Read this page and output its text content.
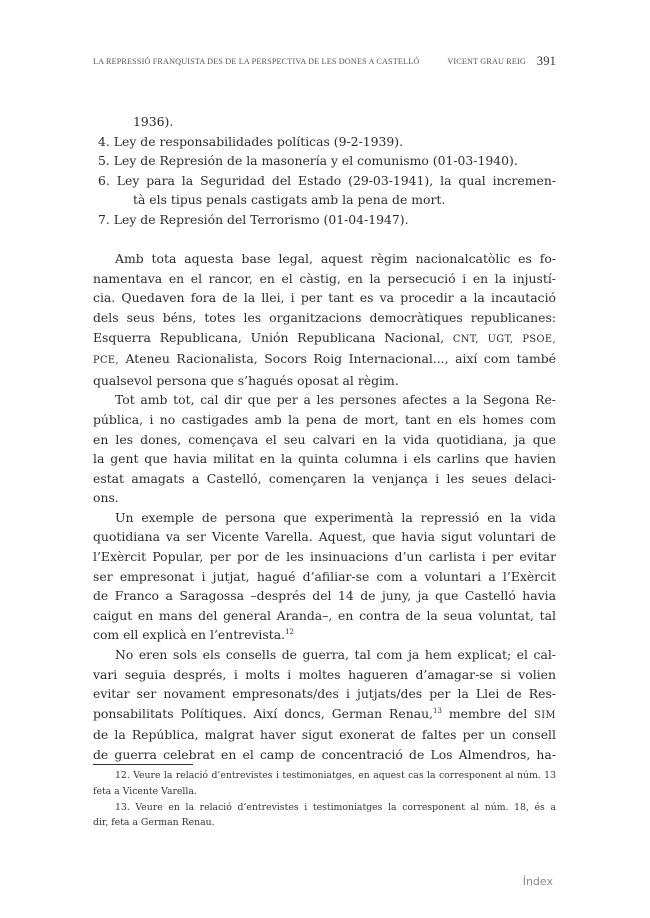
LA REPRESSIÓ FRANQUISTA DES DE LA PERSPECTIVA DE LES DONES A CASTELLÓ	VICENT GRAU REIG 391

1936).

4. Ley de responsabilidades políticas (9-2-1939).

5. Ley de Represión de la masonería y el comunismo (01-03-1940).

6. Ley para la Seguridad del Estado (29-03-1941), la qual incremen-

tà els tipus penals castigats amb la pena de mort.

7. Ley de Represión del Terrorismo (01-04-1947).

Amb tota aquesta base legal, aquest règim nacionalcatòlic es fo-

namentava en el rancor, en el càstig, en la persecució i en la injustí-

cia. Quedaven fora de la llei, i per tant es va procedir a la incautació

dels seus béns, totes les organitzacions democràtiques republicanes:

Esquerra Republicana, Unión Republicana Nacional, CNT, UGT, PSOE,

PCE, Ateneu Racionalista, Socors Roig Internacional..., així com també

qualsevol persona que s’hagués oposat al règim.

Tot amb tot, cal dir que per a les persones afectes a la Segona Re-

pública, i no castigades amb la pena de mort, tant en els homes com

en les dones, començava el seu calvari en la vida quotidiana, ja que

la gent que havia militat en la quinta columna i els carlins que havien

estat amagats a Castelló, començaren la venjança i les seues delaci-

ons.

Un exemple de persona que experimentà la repressió en la vida

quotidiana va ser Vicente Varella. Aquest, que havia sigut voluntari de

l’Exèrcit Popular, per por de les insinuacions d’un carlista i per evitar

ser empresonat i jutjat, hagué d’afiliar-se com a voluntari a l’Exèrcit

de Franco a Saragossa –després del 14 de juny, ja que Castelló havia

caigut en mans del general Aranda–, en contra de la seua voluntat, tal

com ell explicà en l’entrevista.$^{12}$

No eren sols els consells de guerra, tal com ja hem explicat; el cal-

vari seguia després, i molts i moltes hagueren d’amagar-se si volien

evitar ser novament empresonats/des i jutjats/des per la Llei de Res-

ponsabilitats Polítiques. Així doncs, German Renau,$^{13}$ membre del SIM

de la República, malgrat haver sigut exonerat de faltes per un consell

de guerra celebrat en el camp de concentració de Los Almendros, ha-

12. Veure la relació d’entrevistes i testimoniatges, en aquest cas la corresponent al núm. 13

feta a Vicente Varella.

13. Veure en la relació d’entrevistes i testimoniatges la corresponent al núm. 18, és a

dir, feta a German Renau.

Índex
